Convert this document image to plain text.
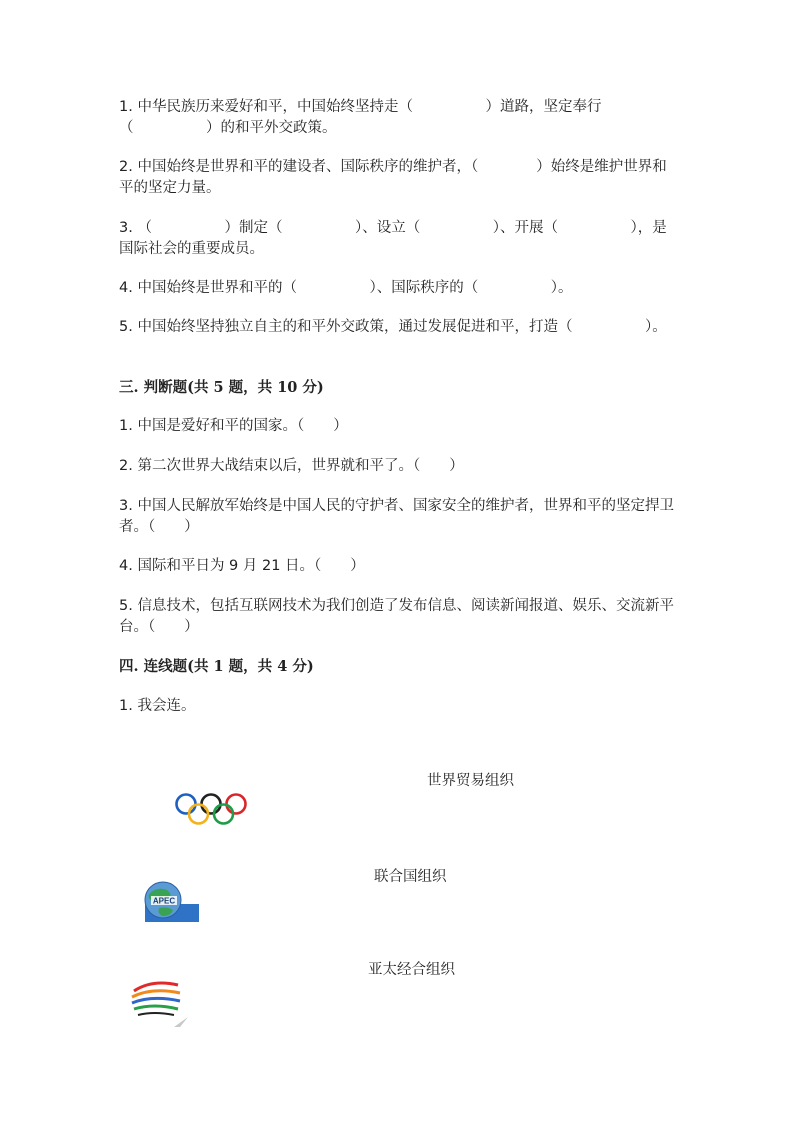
1. 中华民族历来爱好和平，中国始终坚持走（　　　　　）道路，坚定奉行（　　　　　）的和平外交政策。
2. 中国始终是世界和平的建设者、国际秩序的维护者，（　　　　）始终是维护世界和平的坚定力量。
3. （　　　　　）制定（　　　　　）、设立（　　　　　）、开展（　　　　　），是国际社会的重要成员。
4. 中国始终是世界和平的（　　　　　）、国际秩序的（　　　　　）。
5. 中国始终坚持独立自主的和平外交政策，通过发展促进和平，打造（　　　　　）。
三. 判断题(共 5 题，共 10 分)
1. 中国是爱好和平的国家。（　　）
2. 第二次世界大战结束以后，世界就和平了。（　　）
3. 中国人民解放军始终是中国人民的守护者、国家安全的维护者，世界和平的坚定捍卫者。（　　）
4. 国际和平日为 9 月 21 日。（　　）
5. 信息技术，包括互联网技术为我们创造了发布信息、阅读新闻报道、娱乐、交流新平台。（　　）
四. 连线题(共 1 题，共 4 分)
1. 我会连。
世界贸易组织
联合国组织
亚太经合组织
APEC
